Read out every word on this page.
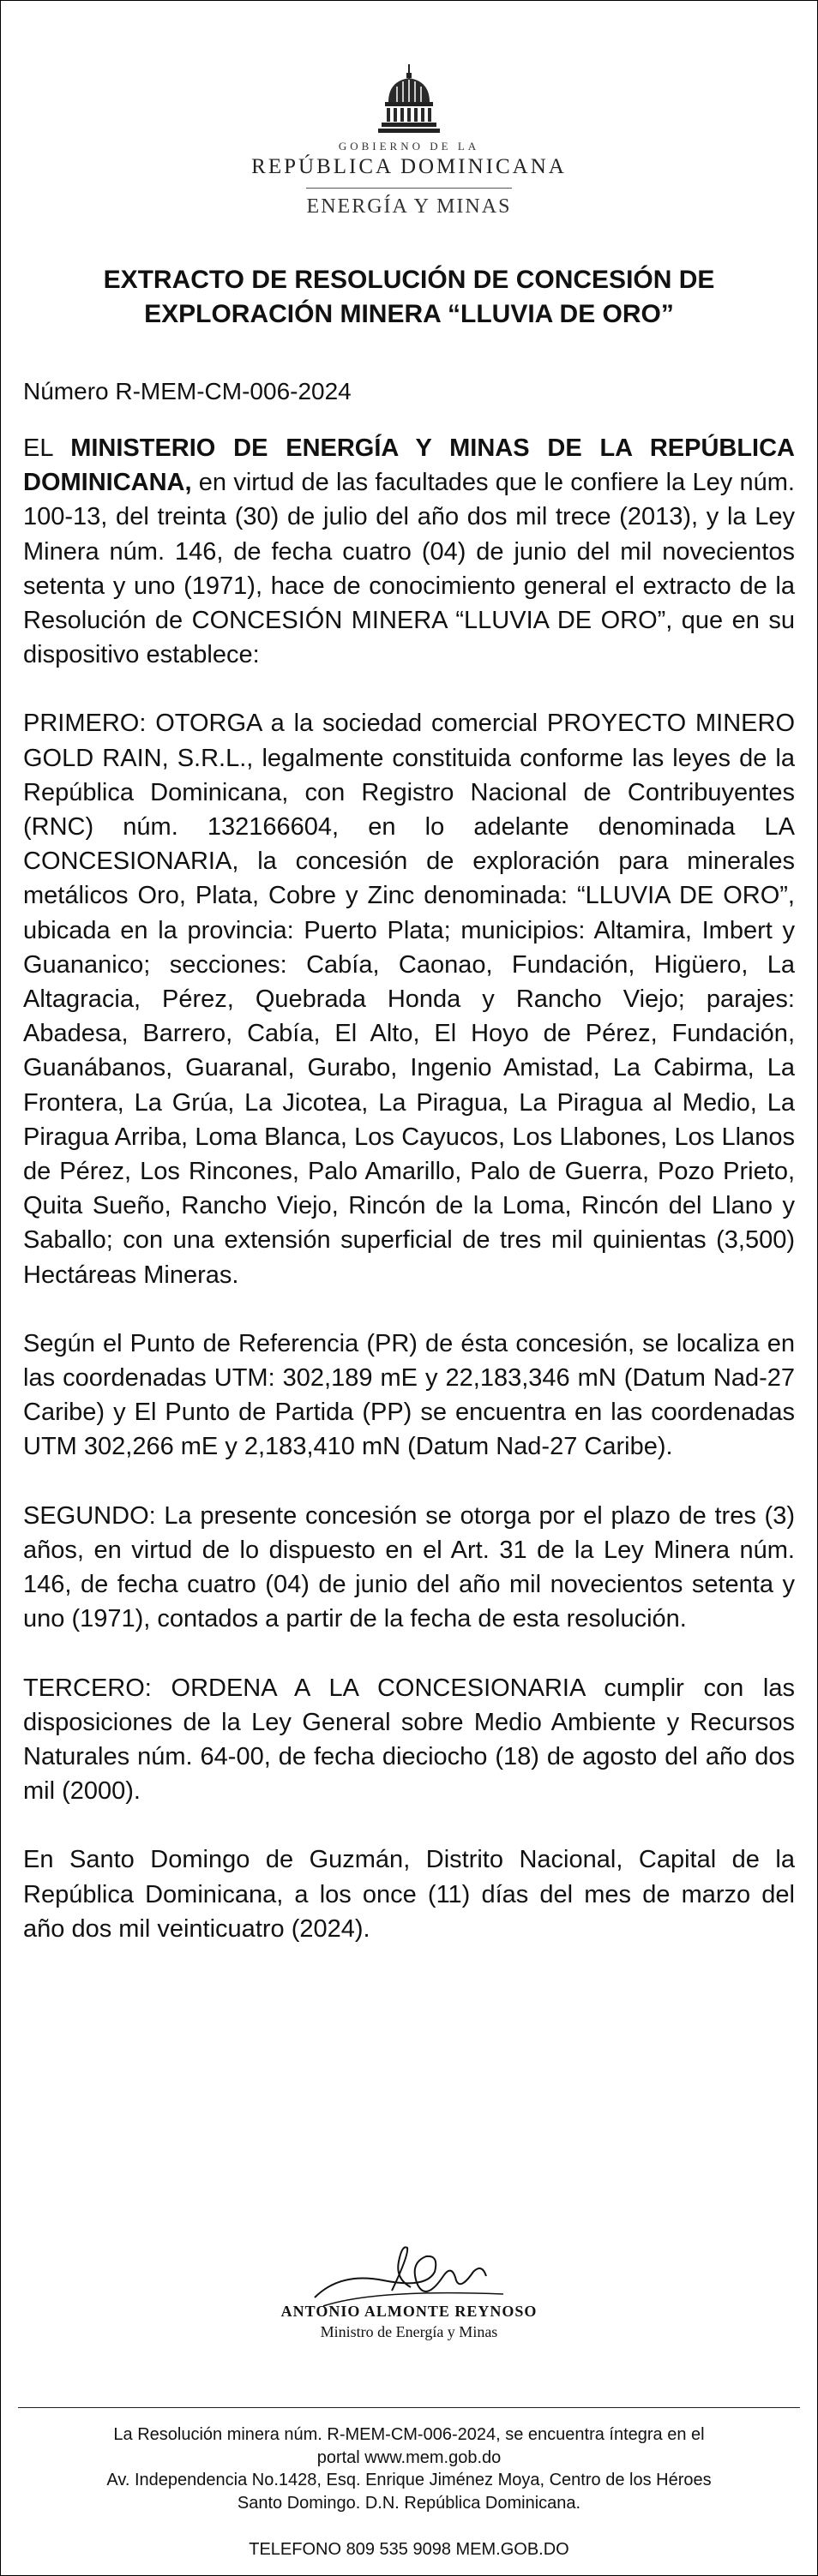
GOBIERNO DE LA
REPÚBLICA DOMINICANA
ENERGÍA Y MINAS
EXTRACTO DE RESOLUCIÓN DE CONCESIÓN DE
EXPLORACIÓN MINERA “LLUVIA DE ORO”
Número R-MEM-CM-006-2024

EL MINISTERIO DE ENERGÍA Y MINAS DE LA REPÚBLICA DOMINICANA, en virtud de las facultades que le confiere la Ley núm. 100-13, del treinta (30) de julio del año dos mil trece (2013), y la Ley Minera núm. 146, de fecha cuatro (04) de junio del mil novecientos setenta y uno (1971), hace de conocimiento general el extracto de la Resolución de CONCESIÓN MINERA “LLUVIA DE ORO”, que en su dispositivo establece:

PRIMERO: OTORGA a la sociedad comercial PROYECTO MINERO GOLD RAIN, S.R.L., legalmente constituida conforme las leyes de la República Dominicana, con Registro Nacional de Contribuyentes (RNC) núm. 132166604, en lo adelante denominada LA CONCESIONARIA, la concesión de exploración para minerales metálicos Oro, Plata, Cobre y Zinc denominada: “LLUVIA DE ORO”, ubicada en la provincia: Puerto Plata; municipios: Altamira, Imbert y Guananico; secciones: Cabía, Caonao, Fundación, Higüero, La Altagracia, Pérez, Quebrada Honda y Rancho Viejo; parajes: Abadesa, Barrero, Cabía, El Alto, El Hoyo de Pérez, Fundación, Guanábanos, Guaranal, Gurabo, Ingenio Amistad, La Cabirma, La Frontera, La Grúa, La Jicotea, La Piragua, La Piragua al Medio, La Piragua Arriba, Loma Blanca, Los Cayucos, Los Llabones, Los Llanos de Pérez, Los Rincones, Palo Amarillo, Palo de Guerra, Pozo Prieto, Quita Sueño, Rancho Viejo, Rincón de la Loma, Rincón del Llano y Saballo; con una extensión superficial de tres mil quinientas (3,500) Hectáreas Mineras.

Según el Punto de Referencia (PR) de ésta concesión, se localiza en las coordenadas UTM: 302,189 mE y 22,183,346 mN (Datum Nad-27 Caribe) y El Punto de Partida (PP) se encuentra en las coordenadas UTM 302,266 mE y 2,183,410 mN (Datum Nad-27 Caribe).

SEGUNDO: La presente concesión se otorga por el plazo de tres (3) años, en virtud de lo dispuesto en el Art. 31 de la Ley Minera núm. 146, de fecha cuatro (04) de junio del año mil novecientos setenta y uno (1971), contados a partir de la fecha de esta resolución.

TERCERO: ORDENA A LA CONCESIONARIA cumplir con las disposiciones de la Ley General sobre Medio Ambiente y Recursos Naturales núm. 64-00, de fecha dieciocho (18) de agosto del año dos mil (2000).

En Santo Domingo de Guzmán, Distrito Nacional, Capital de la República Dominicana, a los once (11) días del mes de marzo del año dos mil veinticuatro (2024).

ANTONIO ALMONTE REYNOSO
Ministro de Energía y Minas
La Resolución minera núm. R-MEM-CM-006-2024, se encuentra íntegra en el
portal www.mem.gob.do
Av. Independencia No.1428, Esq. Enrique Jiménez Moya, Centro de los Héroes
Santo Domingo. D.N. República Dominicana.
TELEFONO 809 535 9098 MEM.GOB.DO
